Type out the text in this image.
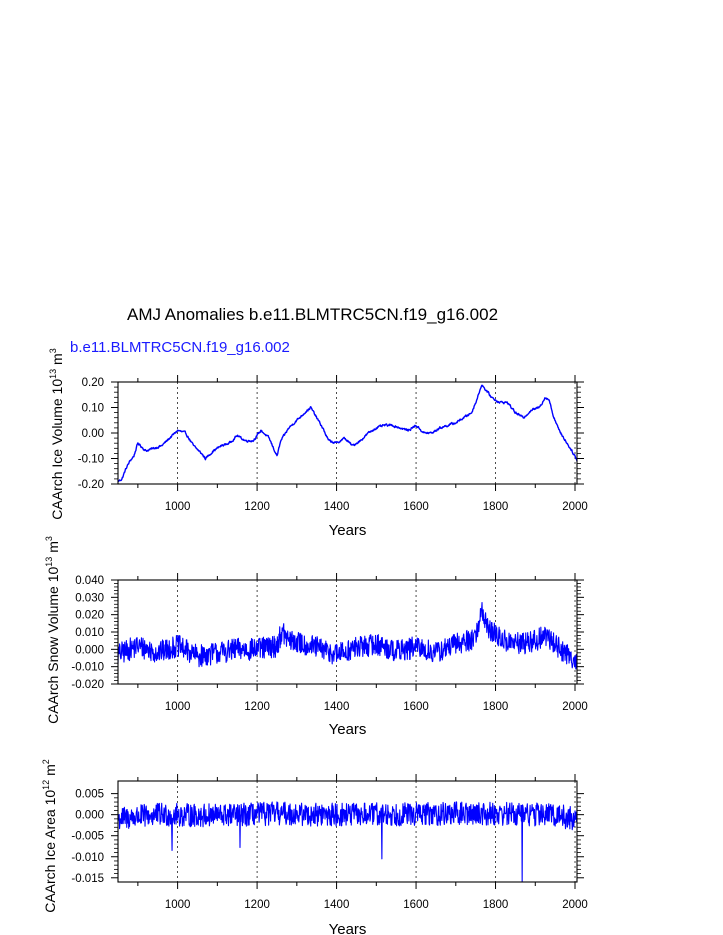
AMJ Anomalies b.e11.BLMTRC5CN.f19_g16.002
b.e11.BLMTRC5CN.f19_g16.002
1000	1200	1400	1600	1800	2000
-0.20
-0.10
0.00
0.10
0.20
Years
CAArch Ice Volume $10^{13}$ $m^3$
1000	1200	1400	1600	1800	2000
-0.020
-0.010
0.000
0.010
0.020
0.030
0.040
Years
CAArch Snow Volume $10^{13}$ $m^3$
1000	1200	1400	1600	1800	2000
-0.015
-0.010
-0.005
0.000
0.005
Years
CAArch Ice Area $10^{12}$ $m^2$
